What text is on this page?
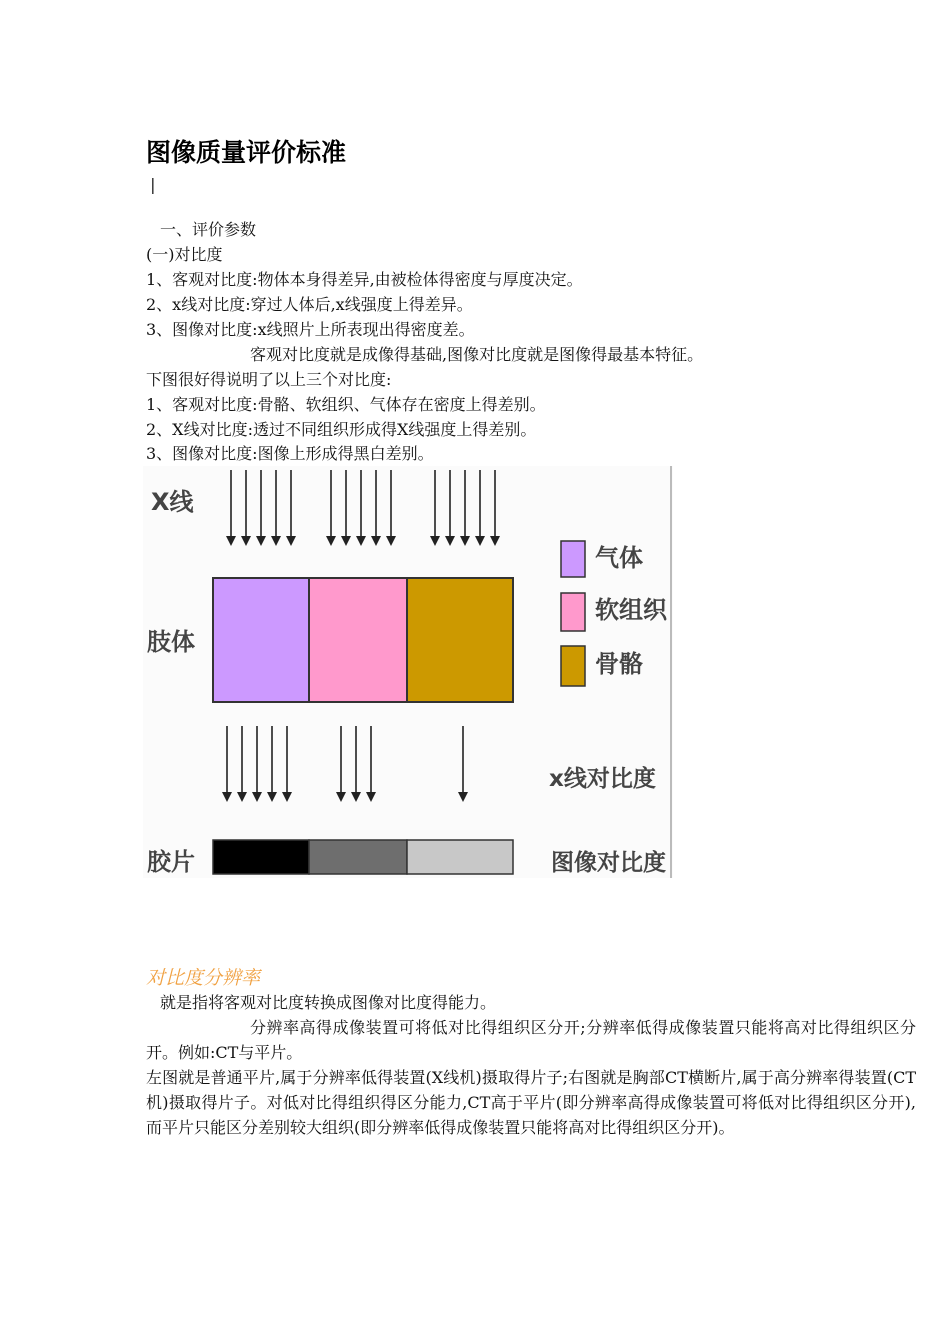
图像质量评价标准
|
一、评价参数
(一)对比度
1、客观对比度:物体本身得差异,由被检体得密度与厚度决定。
2、x线对比度:穿过人体后,x线强度上得差异。
3、图像对比度:x线照片上所表现出得密度差。
客观对比度就是成像得基础,图像对比度就是图像得最基本特征。
下图很好得说明了以上三个对比度:
1、客观对比度:骨骼、软组织、气体存在密度上得差别。
2、X线对比度:透过不同组织形成得X线强度上得差别。
3、图像对比度:图像上形成得黑白差别。
X线
肢体
胶片
x线对比度
图像对比度
气体
软组织
骨骼
对比度分辨率
就是指将客观对比度转换成图像对比度得能力。
分辨率高得成像装置可将低对比得组织区分开;分辨率低得成像装置只能将高对比得组织区分开。例如:CT与平片。
左图就是普通平片,属于分辨率低得装置(X线机)摄取得片子;右图就是胸部CT横断片,属于高分辨率得装置(CT机)摄取得片子。对低对比得组织得区分能力,CT高于平片(即分辨率高得成像装置可将低对比得组织区分开),而平片只能区分差别较大组织(即分辨率低得成像装置只能将高对比得组织区分开)。
